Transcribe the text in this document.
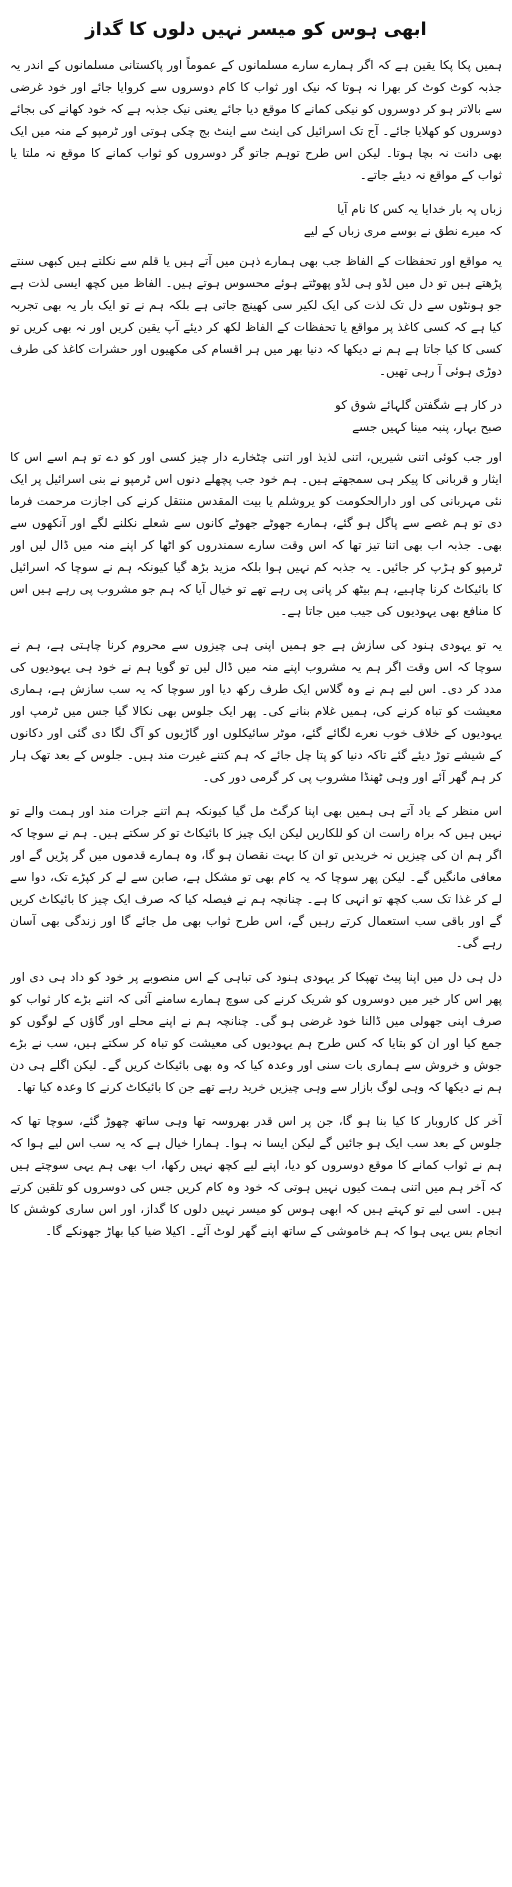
ابھی ہوس کو میسر نہیں دلوں کا گداز

ہمیں پکا پکا یقین ہے کہ اگر ہمارے سارے مسلمانوں کے عموماً اور پاکستانی مسلمانوں کے اندر یہ جذبہ کوٹ کوٹ کر بھرا نہ ہوتا کہ نیک اور ثواب کا کام دوسروں سے کروایا جائے اور خود غرضی سے بالاتر ہو کر دوسروں کو نیکی کمانے کا موقع دیا جائے یعنی نیک جذبہ ہے کہ خود کھانے کی بجائے دوسروں کو کھلایا جائے۔ آج تک اسرائیل کی اینٹ سے اینٹ بج چکی ہوتی اور ٹرمپو کے منہ میں ایک بھی دانت نہ بچا ہوتا۔ لیکن اس طرح توہم جاتو گر دوسروں کو ثواب کمانے کا موقع نہ ملتا یا ثواب کے مواقع نہ دیئے جاتے۔

زباں پہ بار خدایا یہ کس کا نام آیا
کہ میرے نطق نے بوسے مری زباں کے لیے

یہ مواقع اور تحفظات کے الفاظ جب بھی ہمارے ذہن میں آتے ہیں یا قلم سے نکلتے ہیں کبھی سنتے پڑھتے ہیں تو دل میں لڈو ہی لڈو پھوٹتے ہوئے محسوس ہوتے ہیں۔ الفاظ میں کچھ ایسی لذت ہے جو ہونٹوں سے دل تک لذت کی ایک لکیر سی کھینچ جاتی ہے بلکہ ہم نے تو ایک بار یہ بھی تجربہ کیا ہے کہ کسی کاغذ پر مواقع یا تحفظات کے الفاظ لکھ کر دیئے آپ یقین کریں اور نہ بھی کریں تو کسی کا کیا جاتا ہے ہم نے دیکھا کہ دنیا بھر میں ہر اقسام کی مکھیوں اور حشرات کاغذ کی طرف دوڑی ہوئی آ رہی تھیں۔

در کار ہے شگفتن گلہائے شوق کو
صبح بہار، پنبہ مینا کہیں جسے

اور جب کوئی اتنی شیریں، اتنی لذیذ اور اتنی چٹخارے دار چیز کسی اور کو دے تو ہم اسے اس کا ایثار و قربانی کا پیکر ہی سمجھتے ہیں۔ ہم خود جب پچھلے دنوں اس ٹرمپو نے بنی اسرائیل پر ایک نئی مہربانی کی اور دارالحکومت کو یروشلم یا بیت المقدس منتقل کرنے کی اجازت مرحمت فرما دی تو ہم غصے سے پاگل ہو گئے، ہمارے جھوٹے جھوٹے کانوں سے شعلے نکلنے لگے اور آنکھوں سے بھی۔ جذبہ اب بھی اتنا تیز تھا کہ اس وقت سارے سمندروں کو اٹھا کر اپنے منہ میں ڈال لیں اور ٹرمپو کو ہڑپ کر جائیں۔ یہ جذبہ کم نہیں ہوا بلکہ مزید بڑھ گیا کیونکہ ہم نے سوچا کہ اسرائیل کا بائیکاٹ کرنا چاہیے، ہم بیٹھ کر پانی پی رہے تھے تو خیال آیا کہ ہم جو مشروب پی رہے ہیں اس کا منافع بھی یہودیوں کی جیب میں جاتا ہے۔

یہ تو یہودی ہنود کی سازش ہے جو ہمیں اپنی ہی چیزوں سے محروم کرنا چاہتی ہے، ہم نے سوچا کہ اس وقت اگر ہم یہ مشروب اپنے منہ میں ڈال لیں تو گویا ہم نے خود ہی یہودیوں کی مدد کر دی۔ اس لیے ہم نے وہ گلاس ایک طرف رکھ دیا اور سوچا کہ یہ سب سازش ہے، ہماری معیشت کو تباہ کرنے کی، ہمیں غلام بنانے کی۔ پھر ایک جلوس بھی نکالا گیا جس میں ٹرمپ اور یہودیوں کے خلاف خوب نعرے لگائے گئے، موٹر سائیکلوں اور گاڑیوں کو آگ لگا دی گئی اور دکانوں کے شیشے توڑ دیئے گئے تاکہ دنیا کو پتا چل جائے کہ ہم کتنے غیرت مند ہیں۔ جلوس کے بعد تھک ہار کر ہم گھر آئے اور وہی ٹھنڈا مشروب پی کر گرمی دور کی۔

اس منظر کے یاد آتے ہی ہمیں بھی اپنا کرگٹ مل گیا کیونکہ ہم اتنے جرات مند اور ہمت والے تو نہیں ہیں کہ براہ راست ان کو للکاریں لیکن ایک چیز کا بائیکاٹ تو کر سکتے ہیں۔ ہم نے سوچا کہ اگر ہم ان کی چیزیں نہ خریدیں تو ان کا بہت نقصان ہو گا، وہ ہمارے قدموں میں گر پڑیں گے اور معافی مانگیں گے۔ لیکن پھر سوچا کہ یہ کام بھی تو مشکل ہے، صابن سے لے کر کپڑے تک، دوا سے لے کر غذا تک سب کچھ تو انہی کا ہے۔ چنانچہ ہم نے فیصلہ کیا کہ صرف ایک چیز کا بائیکاٹ کریں گے اور باقی سب استعمال کرتے رہیں گے، اس طرح ثواب بھی مل جائے گا اور زندگی بھی آسان رہے گی۔

دل ہی دل میں اپنا پیٹ تھپکا کر یہودی ہنود کی تباہی کے اس منصوبے پر خود کو داد ہی دی اور پھر اس کار خیر میں دوسروں کو شریک کرنے کی سوچ ہمارے سامنے آئی کہ اتنے بڑے کار ثواب کو صرف اپنی جھولی میں ڈالنا خود غرضی ہو گی۔ چنانچہ ہم نے اپنے محلے اور گاؤں کے لوگوں کو جمع کیا اور ان کو بتایا کہ کس طرح ہم یہودیوں کی معیشت کو تباہ کر سکتے ہیں، سب نے بڑے جوش و خروش سے ہماری بات سنی اور وعدہ کیا کہ وہ بھی بائیکاٹ کریں گے۔ لیکن اگلے ہی دن ہم نے دیکھا کہ وہی لوگ بازار سے وہی چیزیں خرید رہے تھے جن کا بائیکاٹ کرنے کا وعدہ کیا تھا۔

آخر کل کاروبار کا کیا بنا ہو گا، جن پر اس قدر بھروسہ تھا وہی ساتھ چھوڑ گئے، سوچا تھا کہ جلوس کے بعد سب ایک ہو جائیں گے لیکن ایسا نہ ہوا۔ ہمارا خیال ہے کہ یہ سب اس لیے ہوا کہ ہم نے ثواب کمانے کا موقع دوسروں کو دیا، اپنے لیے کچھ نہیں رکھا، اب بھی ہم یہی سوچتے ہیں کہ آخر ہم میں اتنی ہمت کیوں نہیں ہوتی کہ خود وہ کام کریں جس کی دوسروں کو تلقین کرتے ہیں۔ اسی لیے تو کہتے ہیں کہ ابھی ہوس کو میسر نہیں دلوں کا گداز، اور اس ساری کوشش کا انجام بس یہی ہوا کہ ہم خاموشی کے ساتھ اپنے گھر لوٹ آئے۔ اکیلا ضیا کیا بھاڑ جھونکے گا۔
